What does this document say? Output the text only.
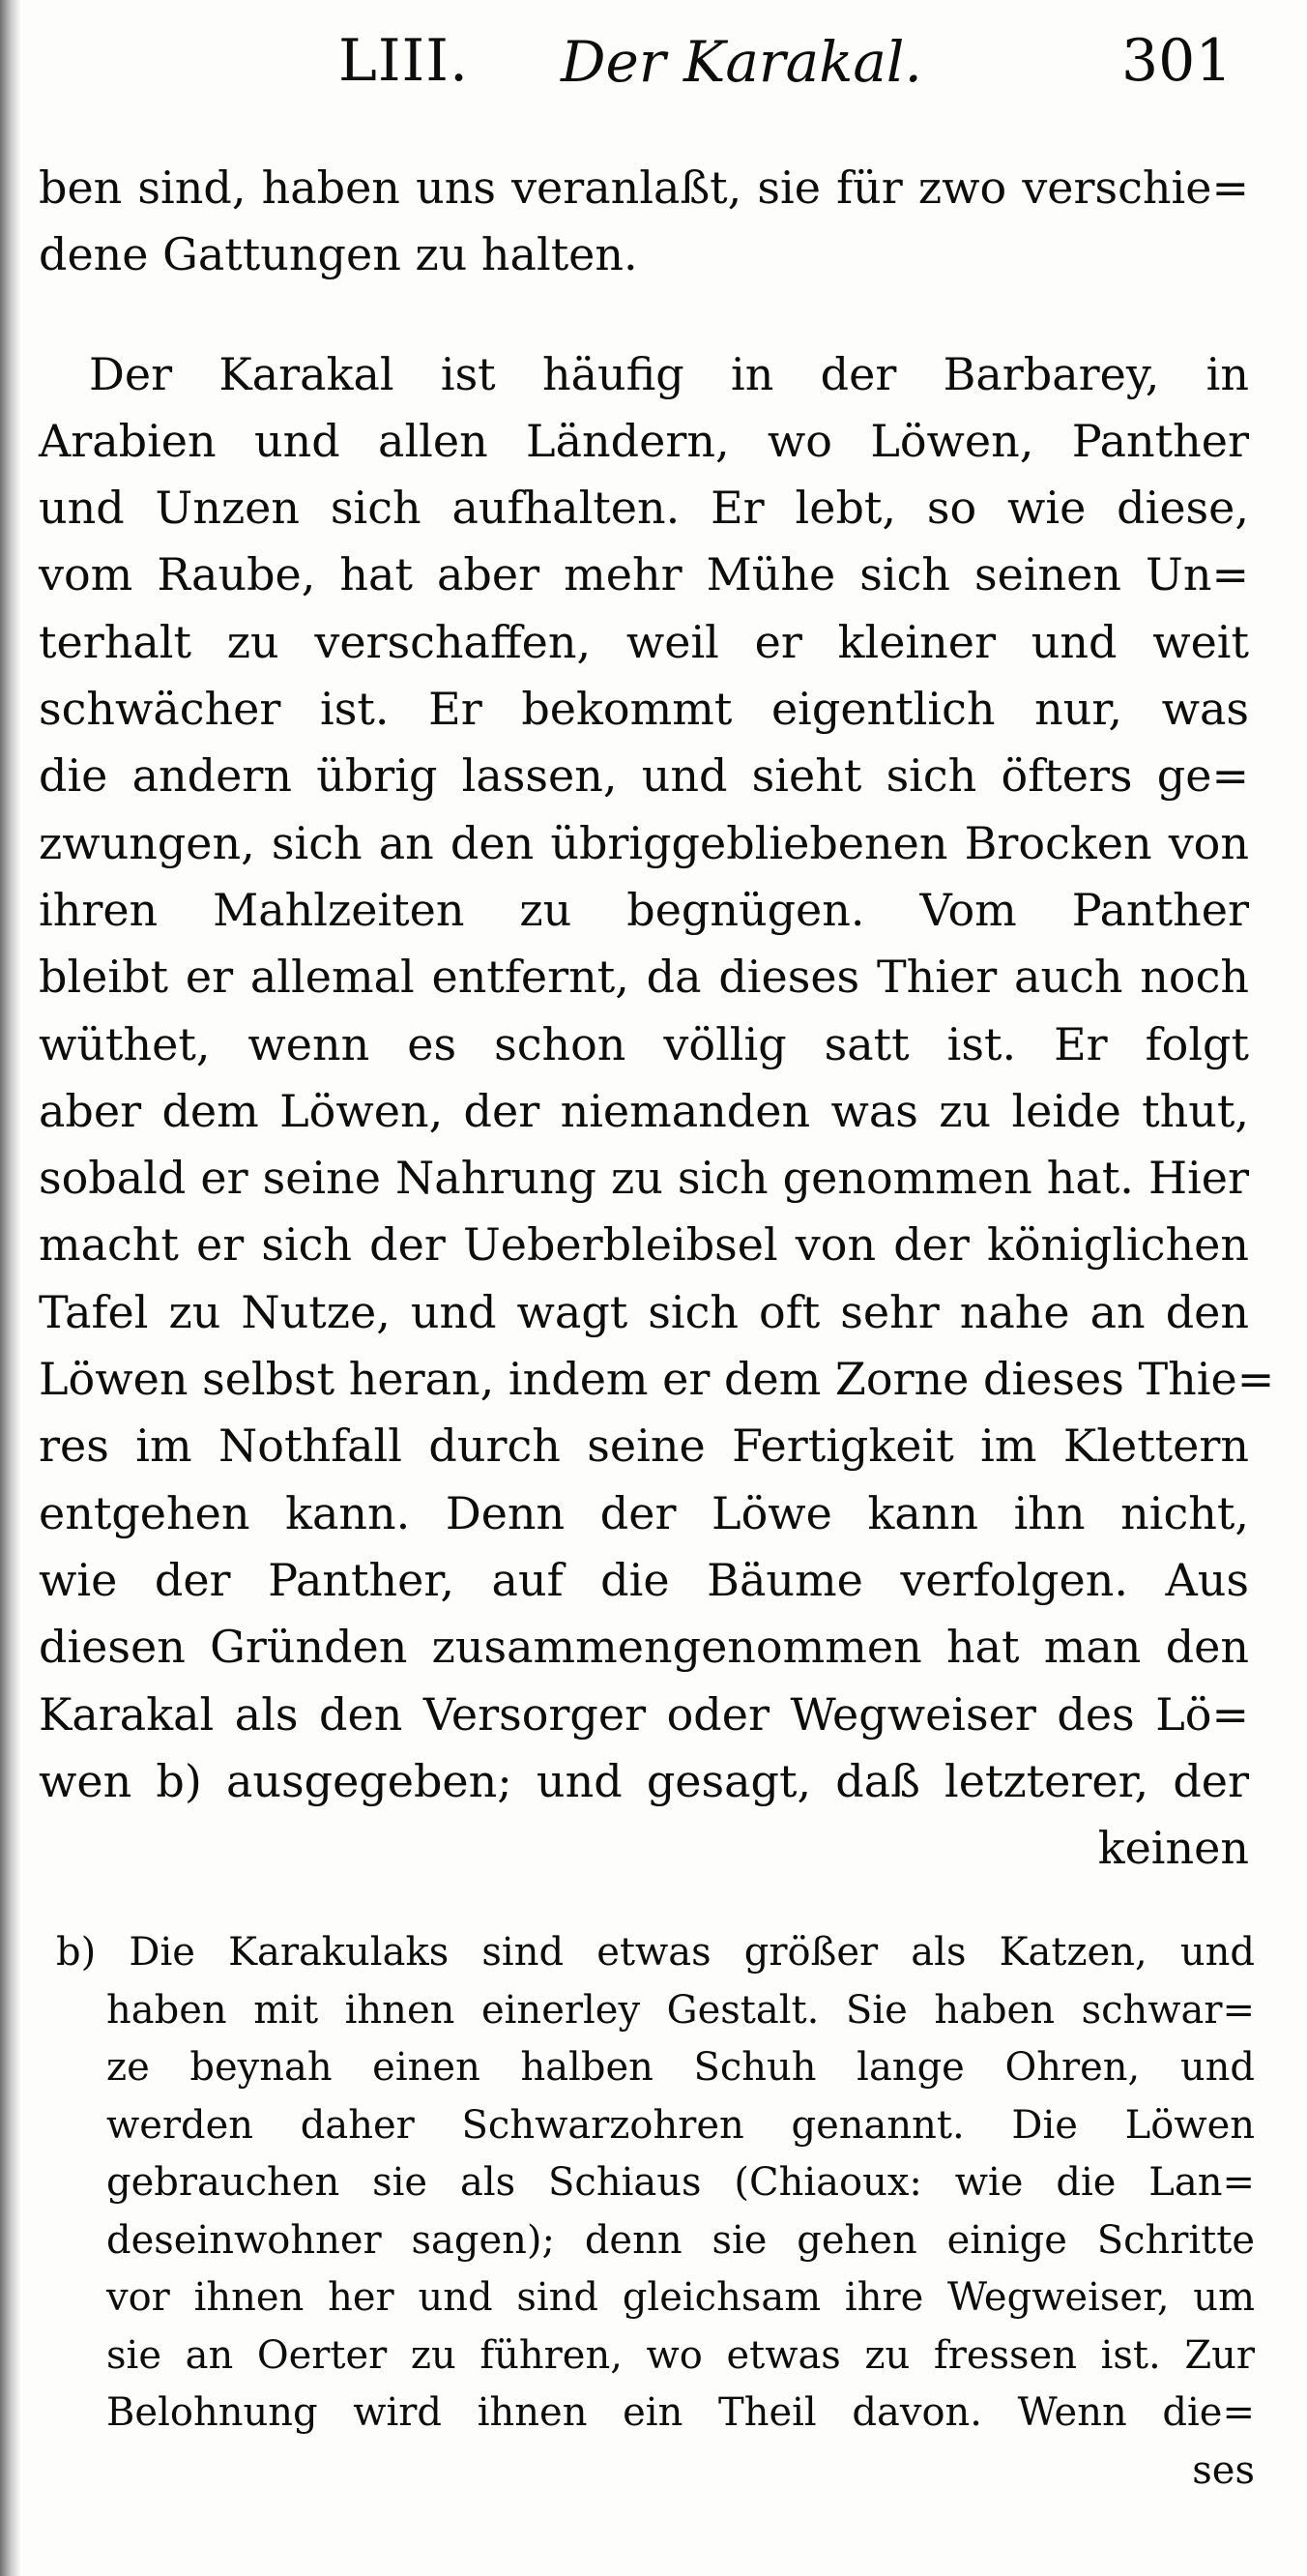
LIII. Der Karakal.	301
ben sind, haben uns veranlaßt, sie für zwo verschie=
dene Gattungen zu halten.
Der Karakal ist häufig in der Barbarey, in
Arabien und allen Ländern, wo Löwen, Panther
und Unzen sich aufhalten. Er lebt, so wie diese,
vom Raube, hat aber mehr Mühe sich seinen Un=
terhalt zu verschaffen, weil er kleiner und weit
schwächer ist. Er bekommt eigentlich nur, was
die andern übrig lassen, und sieht sich öfters ge=
zwungen, sich an den übriggebliebenen Brocken von
ihren Mahlzeiten zu begnügen. Vom Panther
bleibt er allemal entfernt, da dieses Thier auch noch
wüthet, wenn es schon völlig satt ist. Er folgt
aber dem Löwen, der niemanden was zu leide thut,
sobald er seine Nahrung zu sich genommen hat. Hier
macht er sich der Ueberbleibsel von der königlichen
Tafel zu Nutze, und wagt sich oft sehr nahe an den
Löwen selbst heran, indem er dem Zorne dieses Thie=
res im Nothfall durch seine Fertigkeit im Klettern
entgehen kann. Denn der Löwe kann ihn nicht,
wie der Panther, auf die Bäume verfolgen. Aus
diesen Gründen zusammengenommen hat man den
Karakal als den Versorger oder Wegweiser des Lö=
wen b) ausgegeben; und gesagt, daß letzterer, der
keinen
b) Die Karakulaks sind etwas größer als Katzen, und
haben mit ihnen einerley Gestalt. Sie haben schwar=
ze beynah einen halben Schuh lange Ohren, und
werden daher Schwarzohren genannt. Die Löwen
gebrauchen sie als Schiaus (Chiaoux: wie die Lan=
deseinwohner sagen); denn sie gehen einige Schritte
vor ihnen her und sind gleichsam ihre Wegweiser, um
sie an Oerter zu führen, wo etwas zu fressen ist. Zur
Belohnung wird ihnen ein Theil davon. Wenn die=
ses
